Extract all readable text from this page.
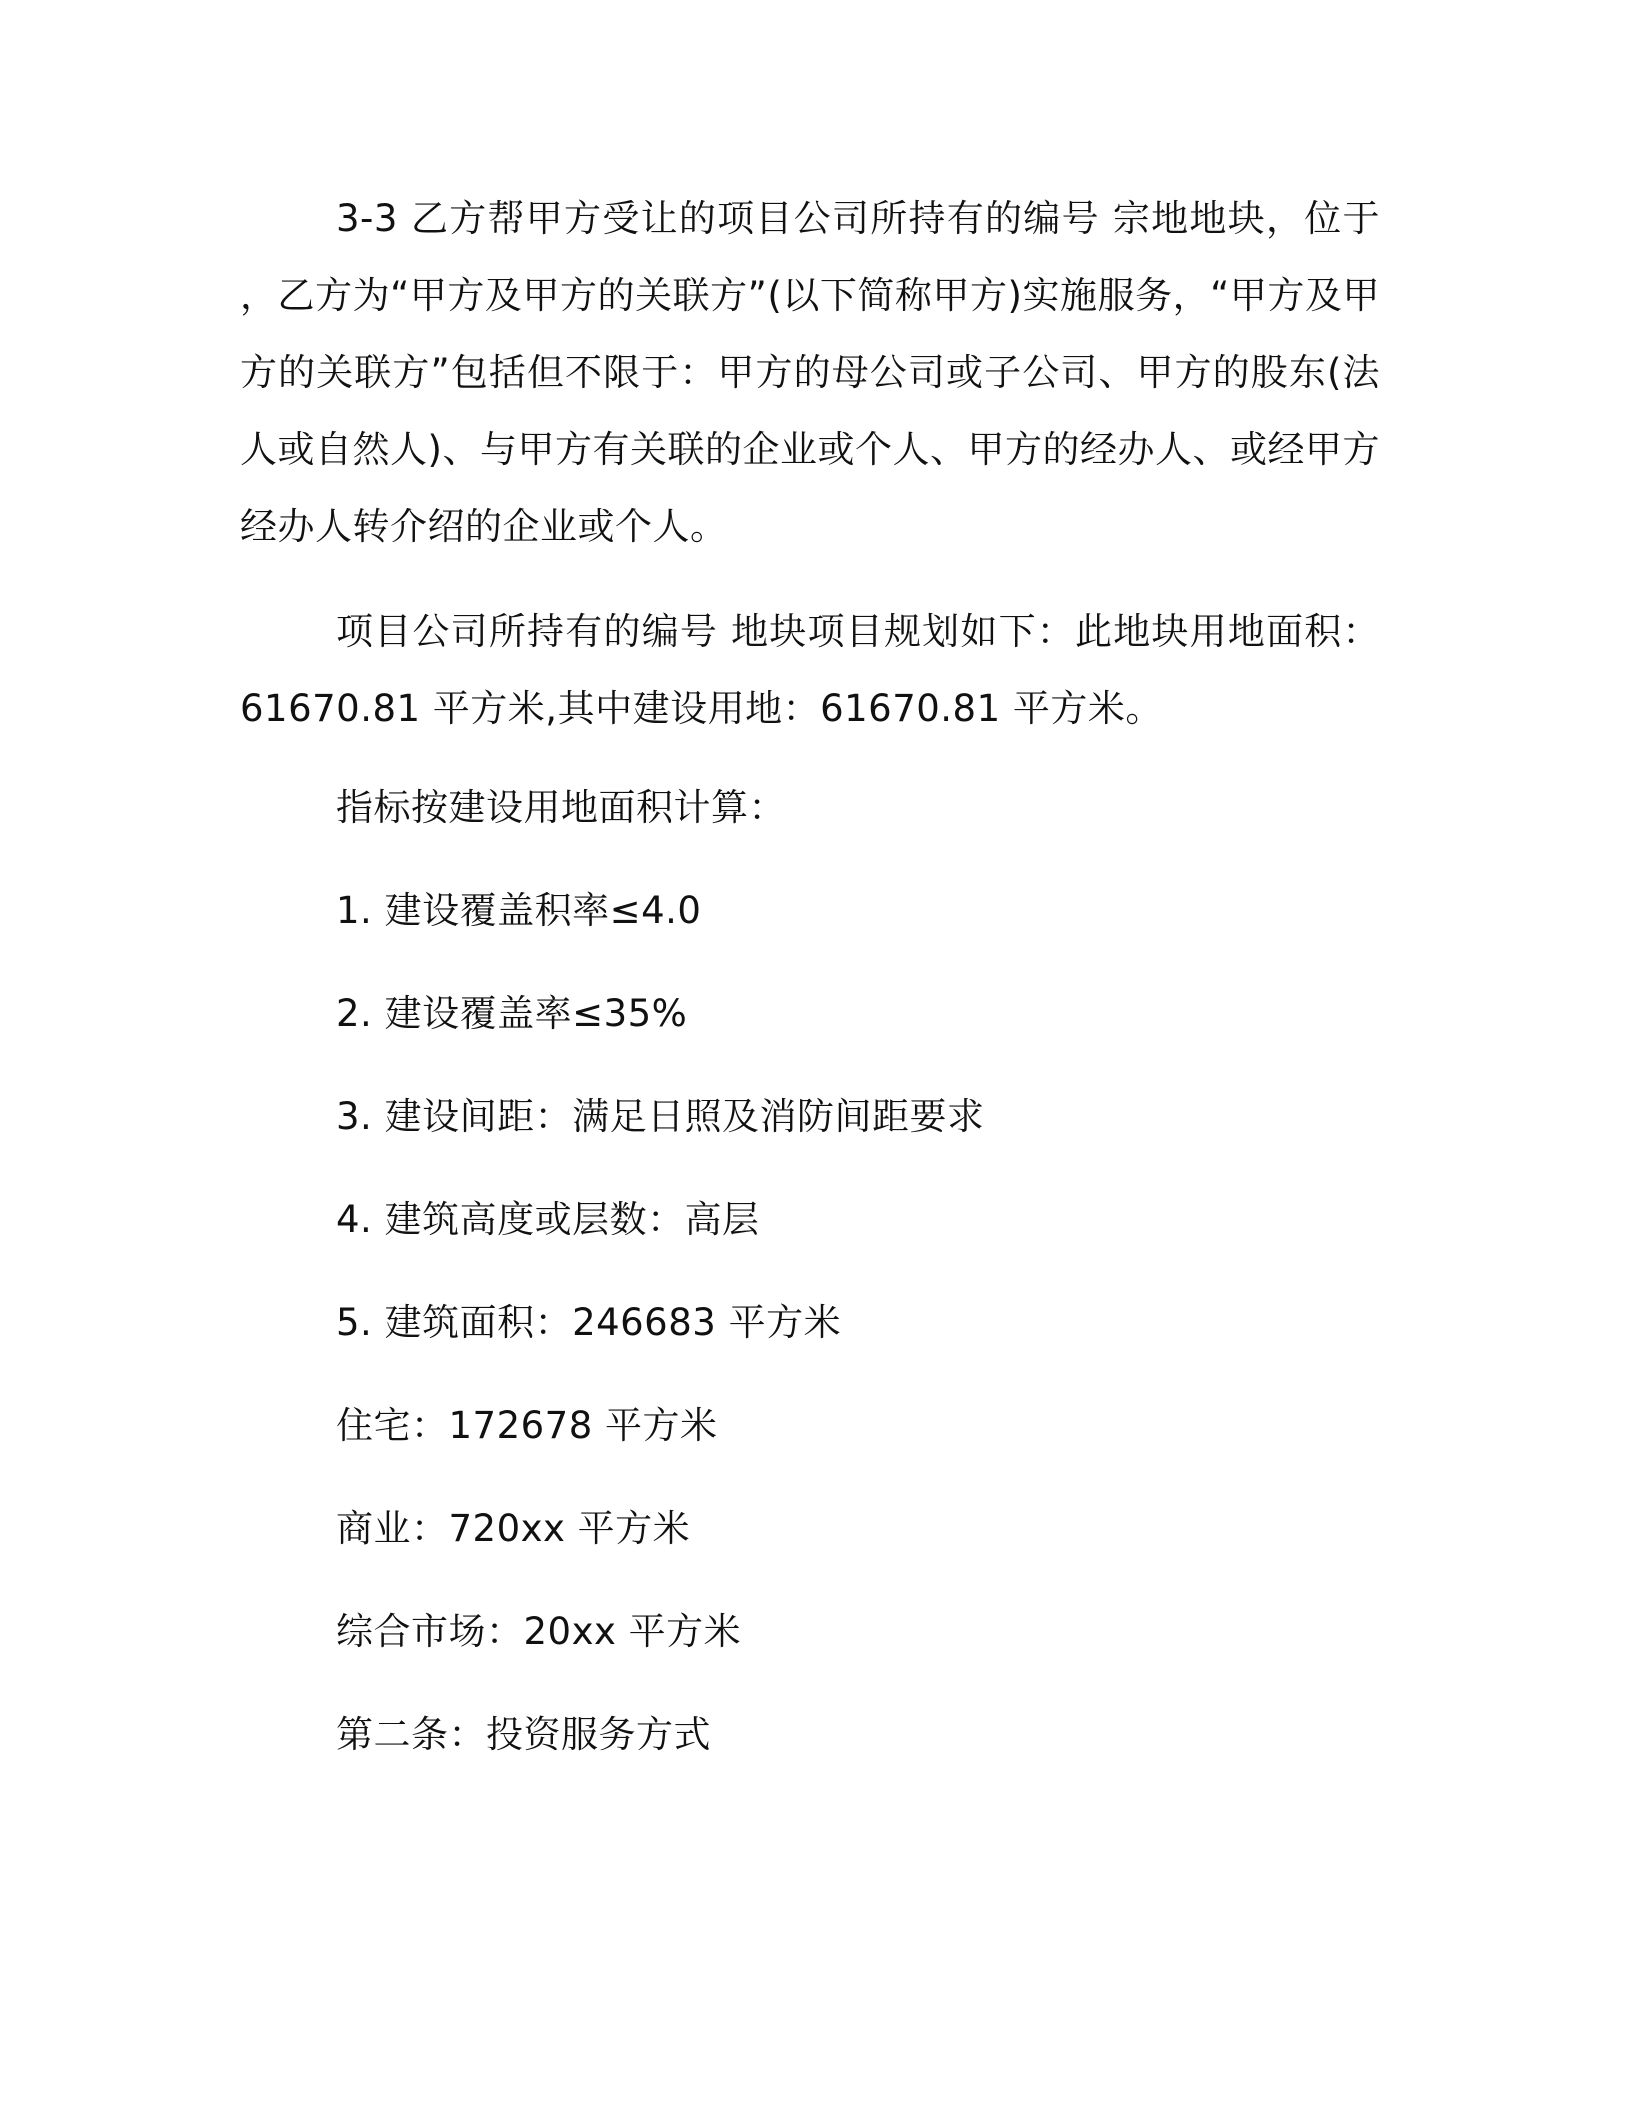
3-3 乙方帮甲方受让的项目公司所持有的编号 宗地地块，位于 ，乙方为“甲方及甲方的关联方”(以下简称甲方)实施服务，“甲方及甲方的关联方”包括但不限于：甲方的母公司或子公司、甲方的股东(法人或自然人)、与甲方有关联的企业或个人、甲方的经办人、或经甲方经办人转介绍的企业或个人。

项目公司所持有的编号 地块项目规划如下：此地块用地面积：61670.81 平方米,其中建设用地：61670.81 平方米。

指标按建设用地面积计算：

1. 建设覆盖积率≤4.0

2. 建设覆盖率≤35%

3. 建设间距：满足日照及消防间距要求

4. 建筑高度或层数：高层

5. 建筑面积：246683 平方米

住宅：172678 平方米

商业：720xx 平方米

综合市场：20xx 平方米

第二条：投资服务方式
